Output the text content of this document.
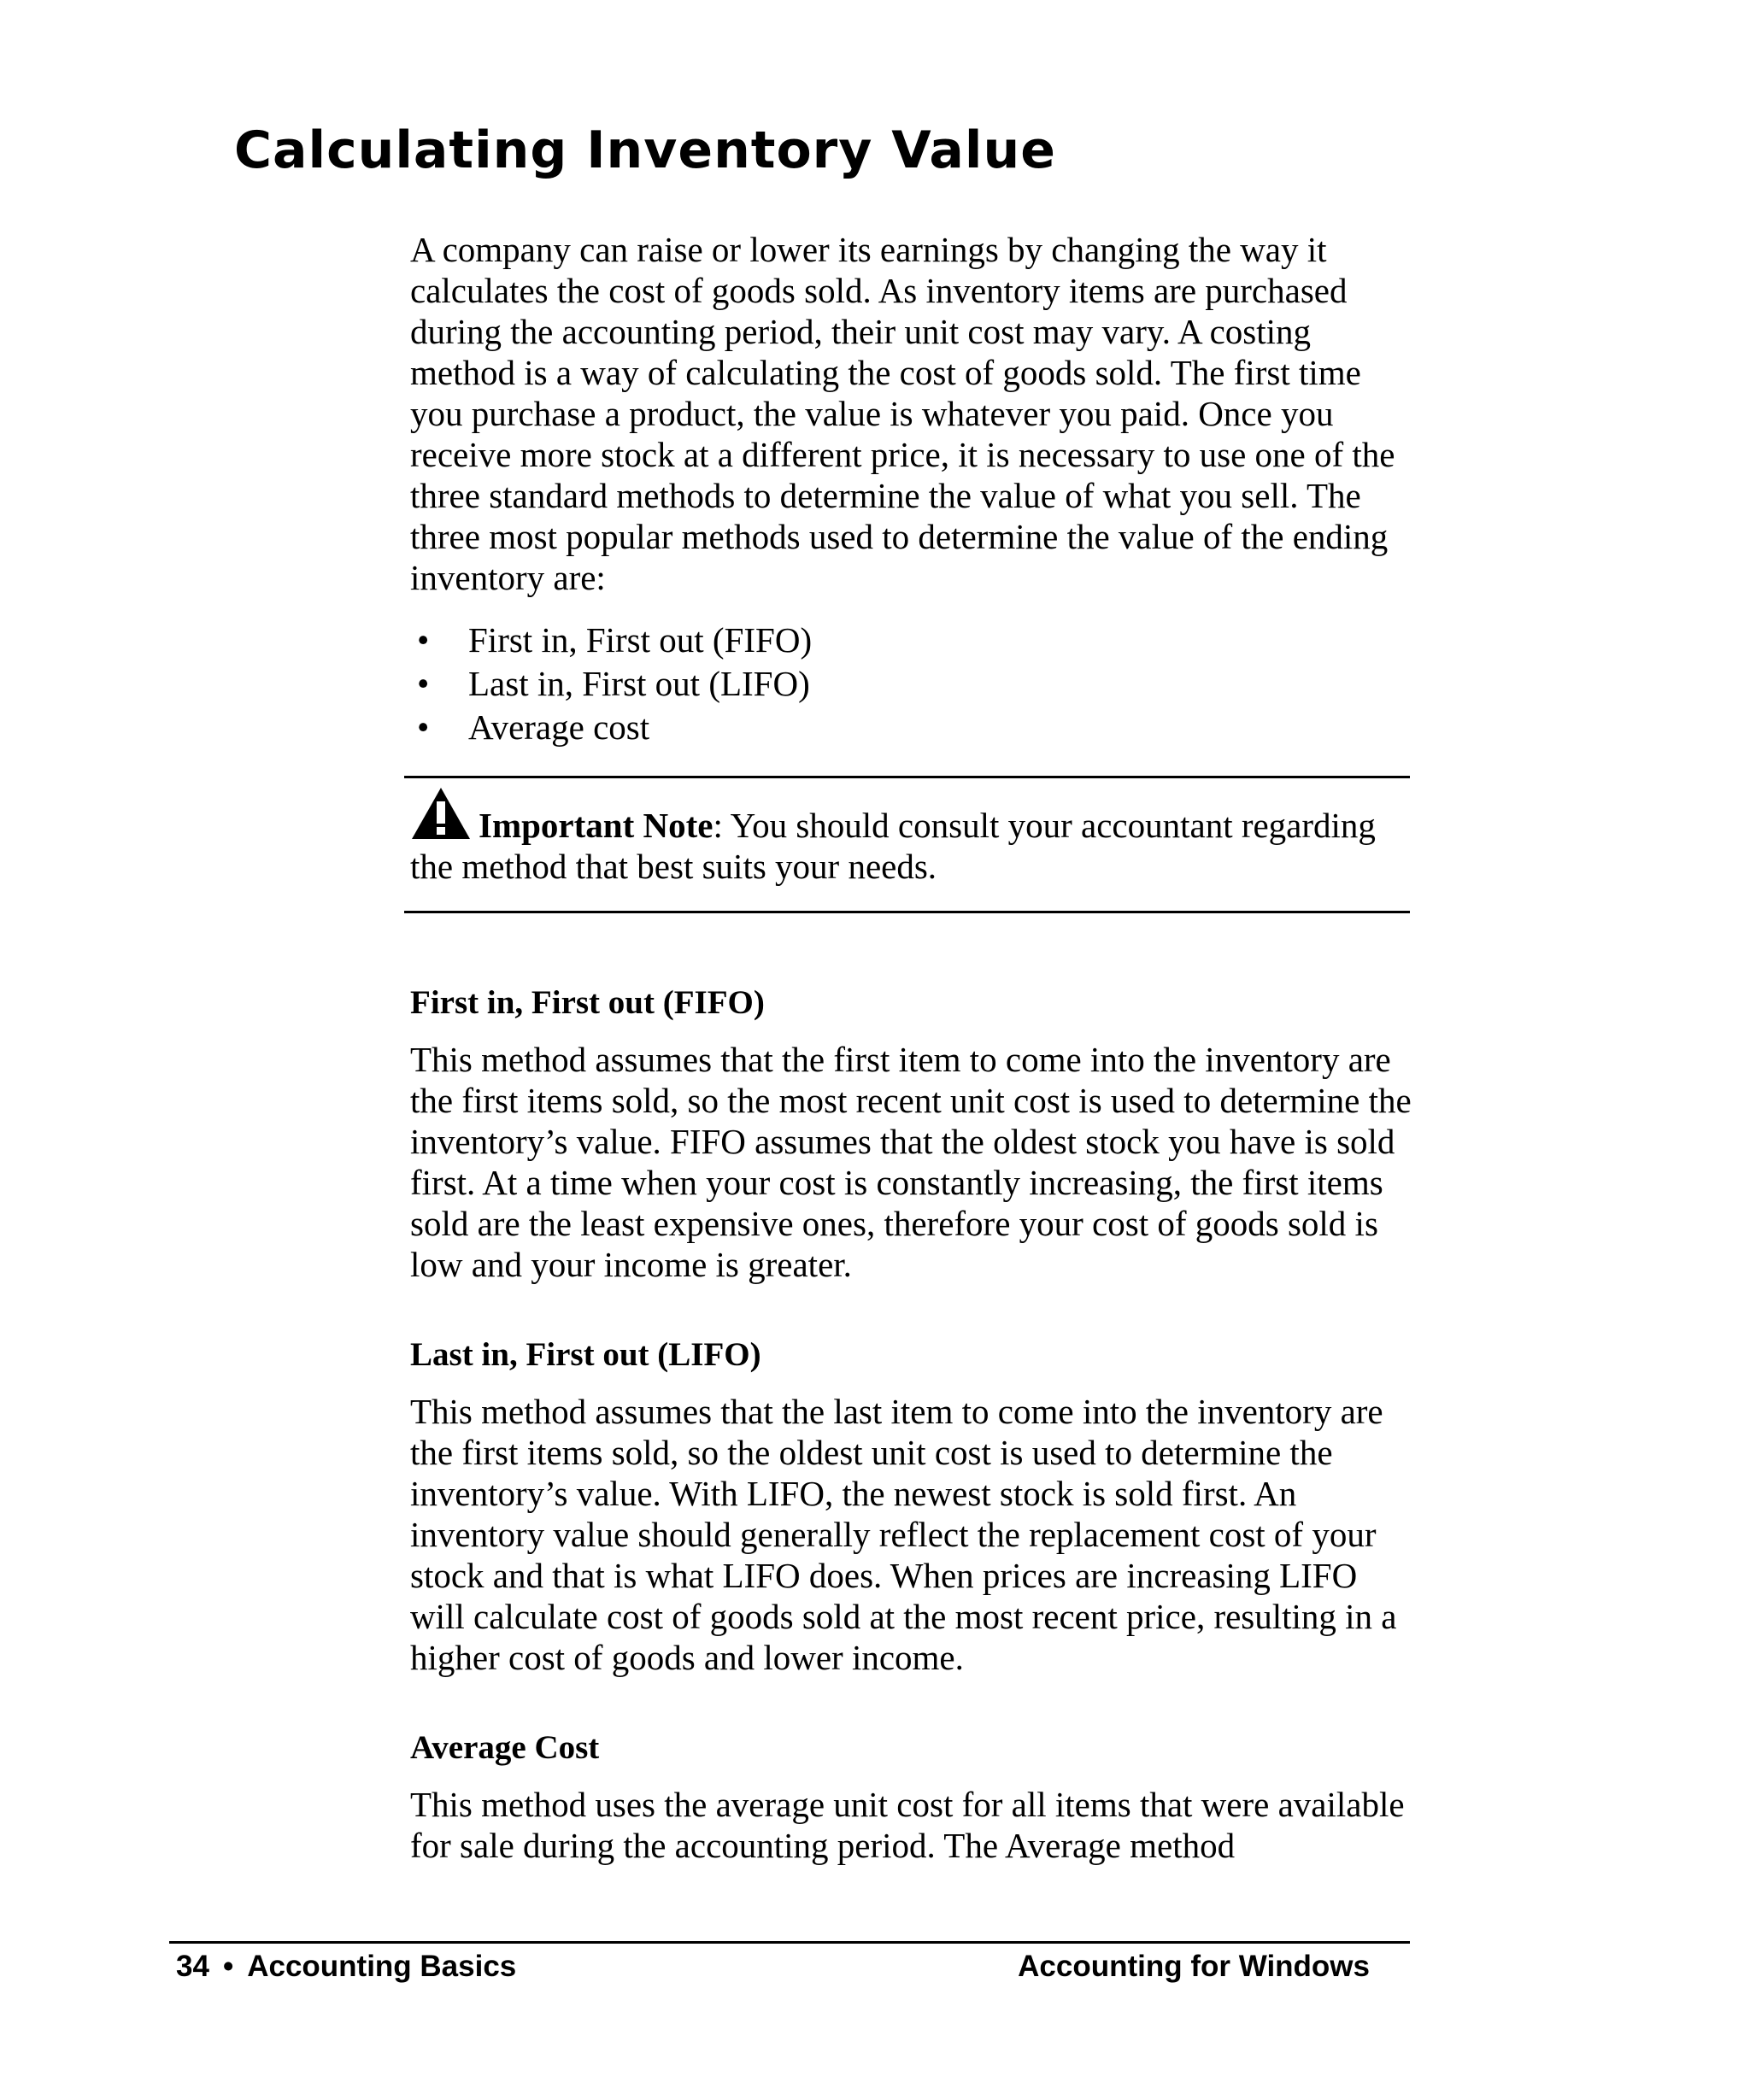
Calculating Inventory Value

A company can raise or lower its earnings by changing the way it calculates the cost of goods sold. As inventory items are purchased during the accounting period, their unit cost may vary. A costing method is a way of calculating the cost of goods sold. The first time you purchase a product, the value is whatever you paid. Once you receive more stock at a different price, it is necessary to use one of the three standard methods to determine the value of what you sell. The three most popular methods used to determine the value of the ending inventory are:

• First in, First out (FIFO)
• Last in, First out (LIFO)
• Average cost

Important Note: You should consult your accountant regarding the method that best suits your needs.

First in, First out (FIFO)

This method assumes that the first item to come into the inventory are the first items sold, so the most recent unit cost is used to determine the inventory’s value. FIFO assumes that the oldest stock you have is sold first. At a time when your cost is constantly increasing, the first items sold are the least expensive ones, therefore your cost of goods sold is low and your income is greater.

Last in, First out (LIFO)

This method assumes that the last item to come into the inventory are the first items sold, so the oldest unit cost is used to determine the inventory’s value. With LIFO, the newest stock is sold first. An inventory value should generally reflect the replacement cost of your stock and that is what LIFO does. When prices are increasing LIFO will calculate cost of goods sold at the most recent price, resulting in a higher cost of goods and lower income.

Average Cost

This method uses the average unit cost for all items that were available for sale during the accounting period. The Average method

34 • Accounting Basics	Accounting for Windows
